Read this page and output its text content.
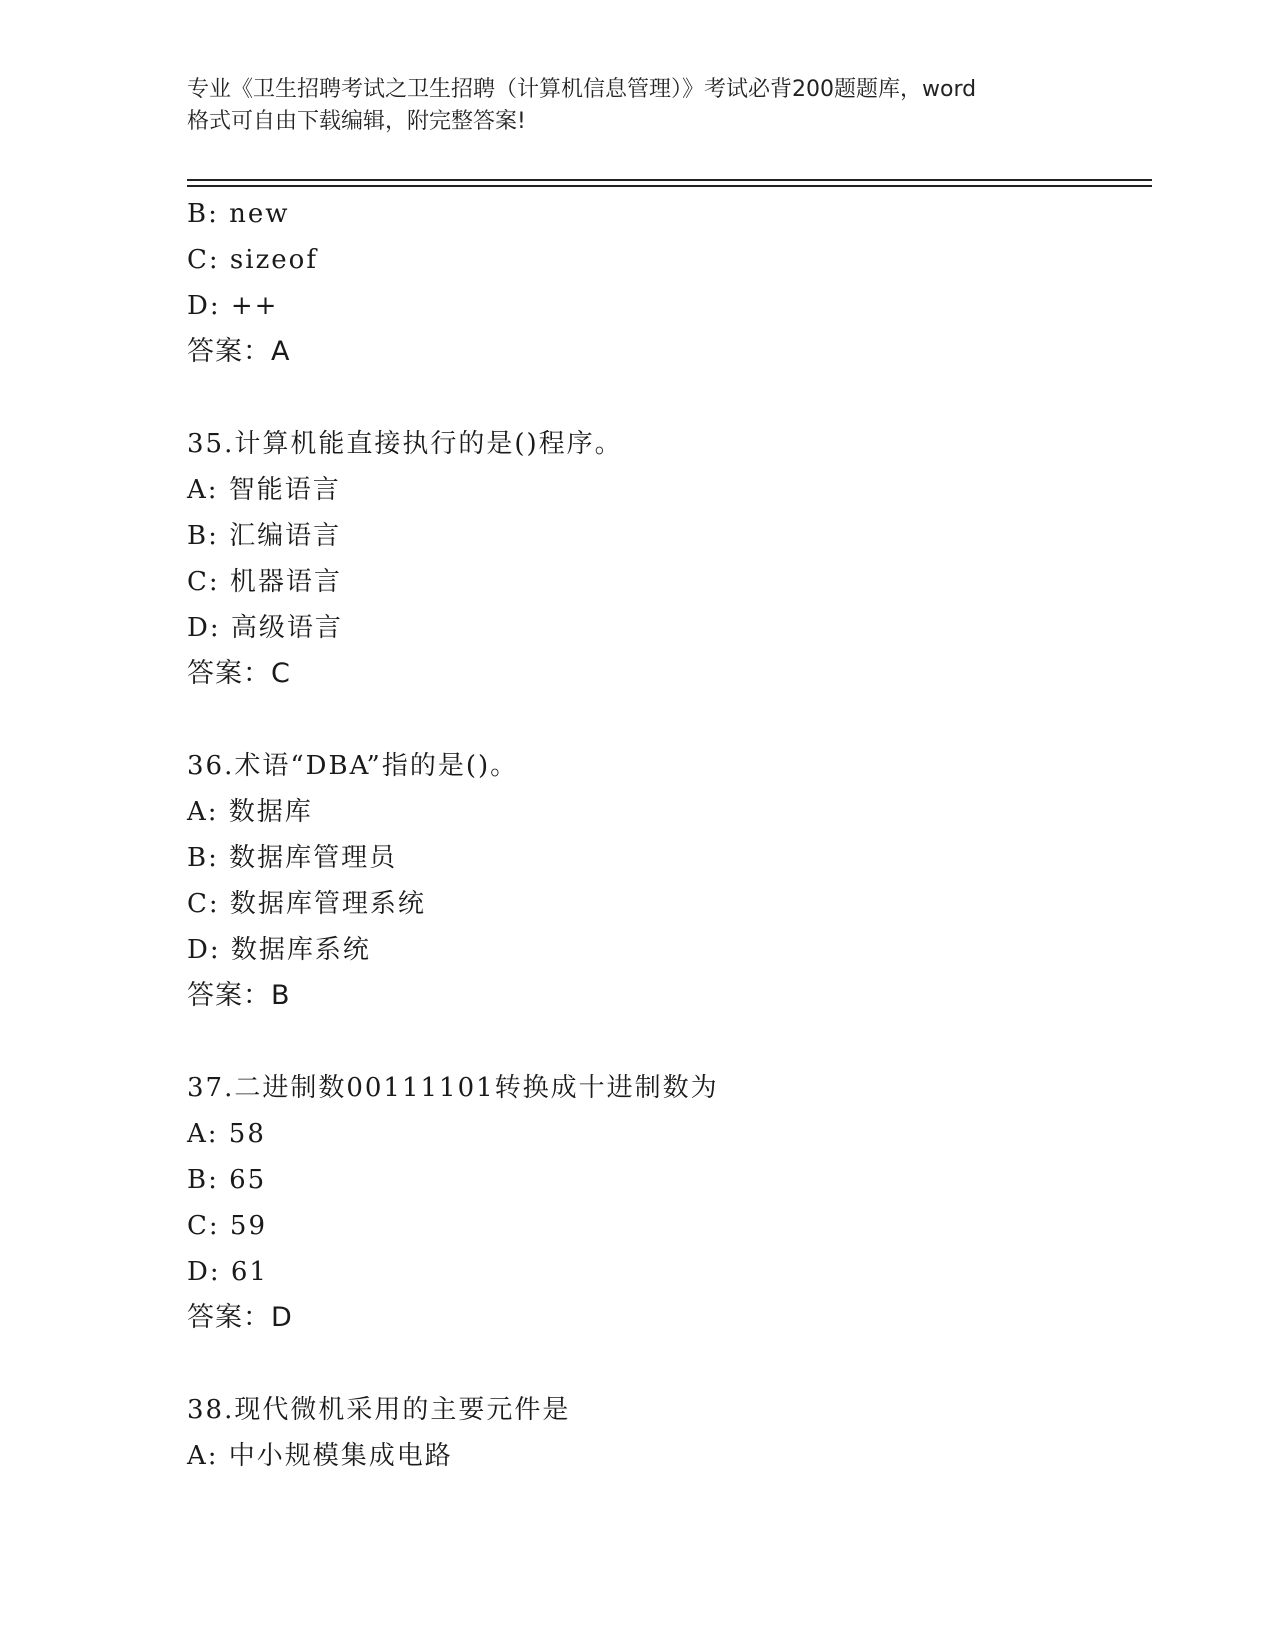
专业《卫生招聘考试之卫生招聘（计算机信息管理）》考试必背200题题库，word
格式可自由下载编辑，附完整答案!
B: new
C: sizeof
D: ++
答案：A
35.计算机能直接执行的是()程序。
A: 智能语言
B: 汇编语言
C: 机器语言
D: 高级语言
答案：C
36.术语“DBA”指的是()。
A: 数据库
B: 数据库管理员
C: 数据库管理系统
D: 数据库系统
答案：B
37.二进制数00111101转换成十进制数为
A: 58
B: 65
C: 59
D: 61
答案：D
38.现代微机采用的主要元件是
A: 中小规模集成电路
